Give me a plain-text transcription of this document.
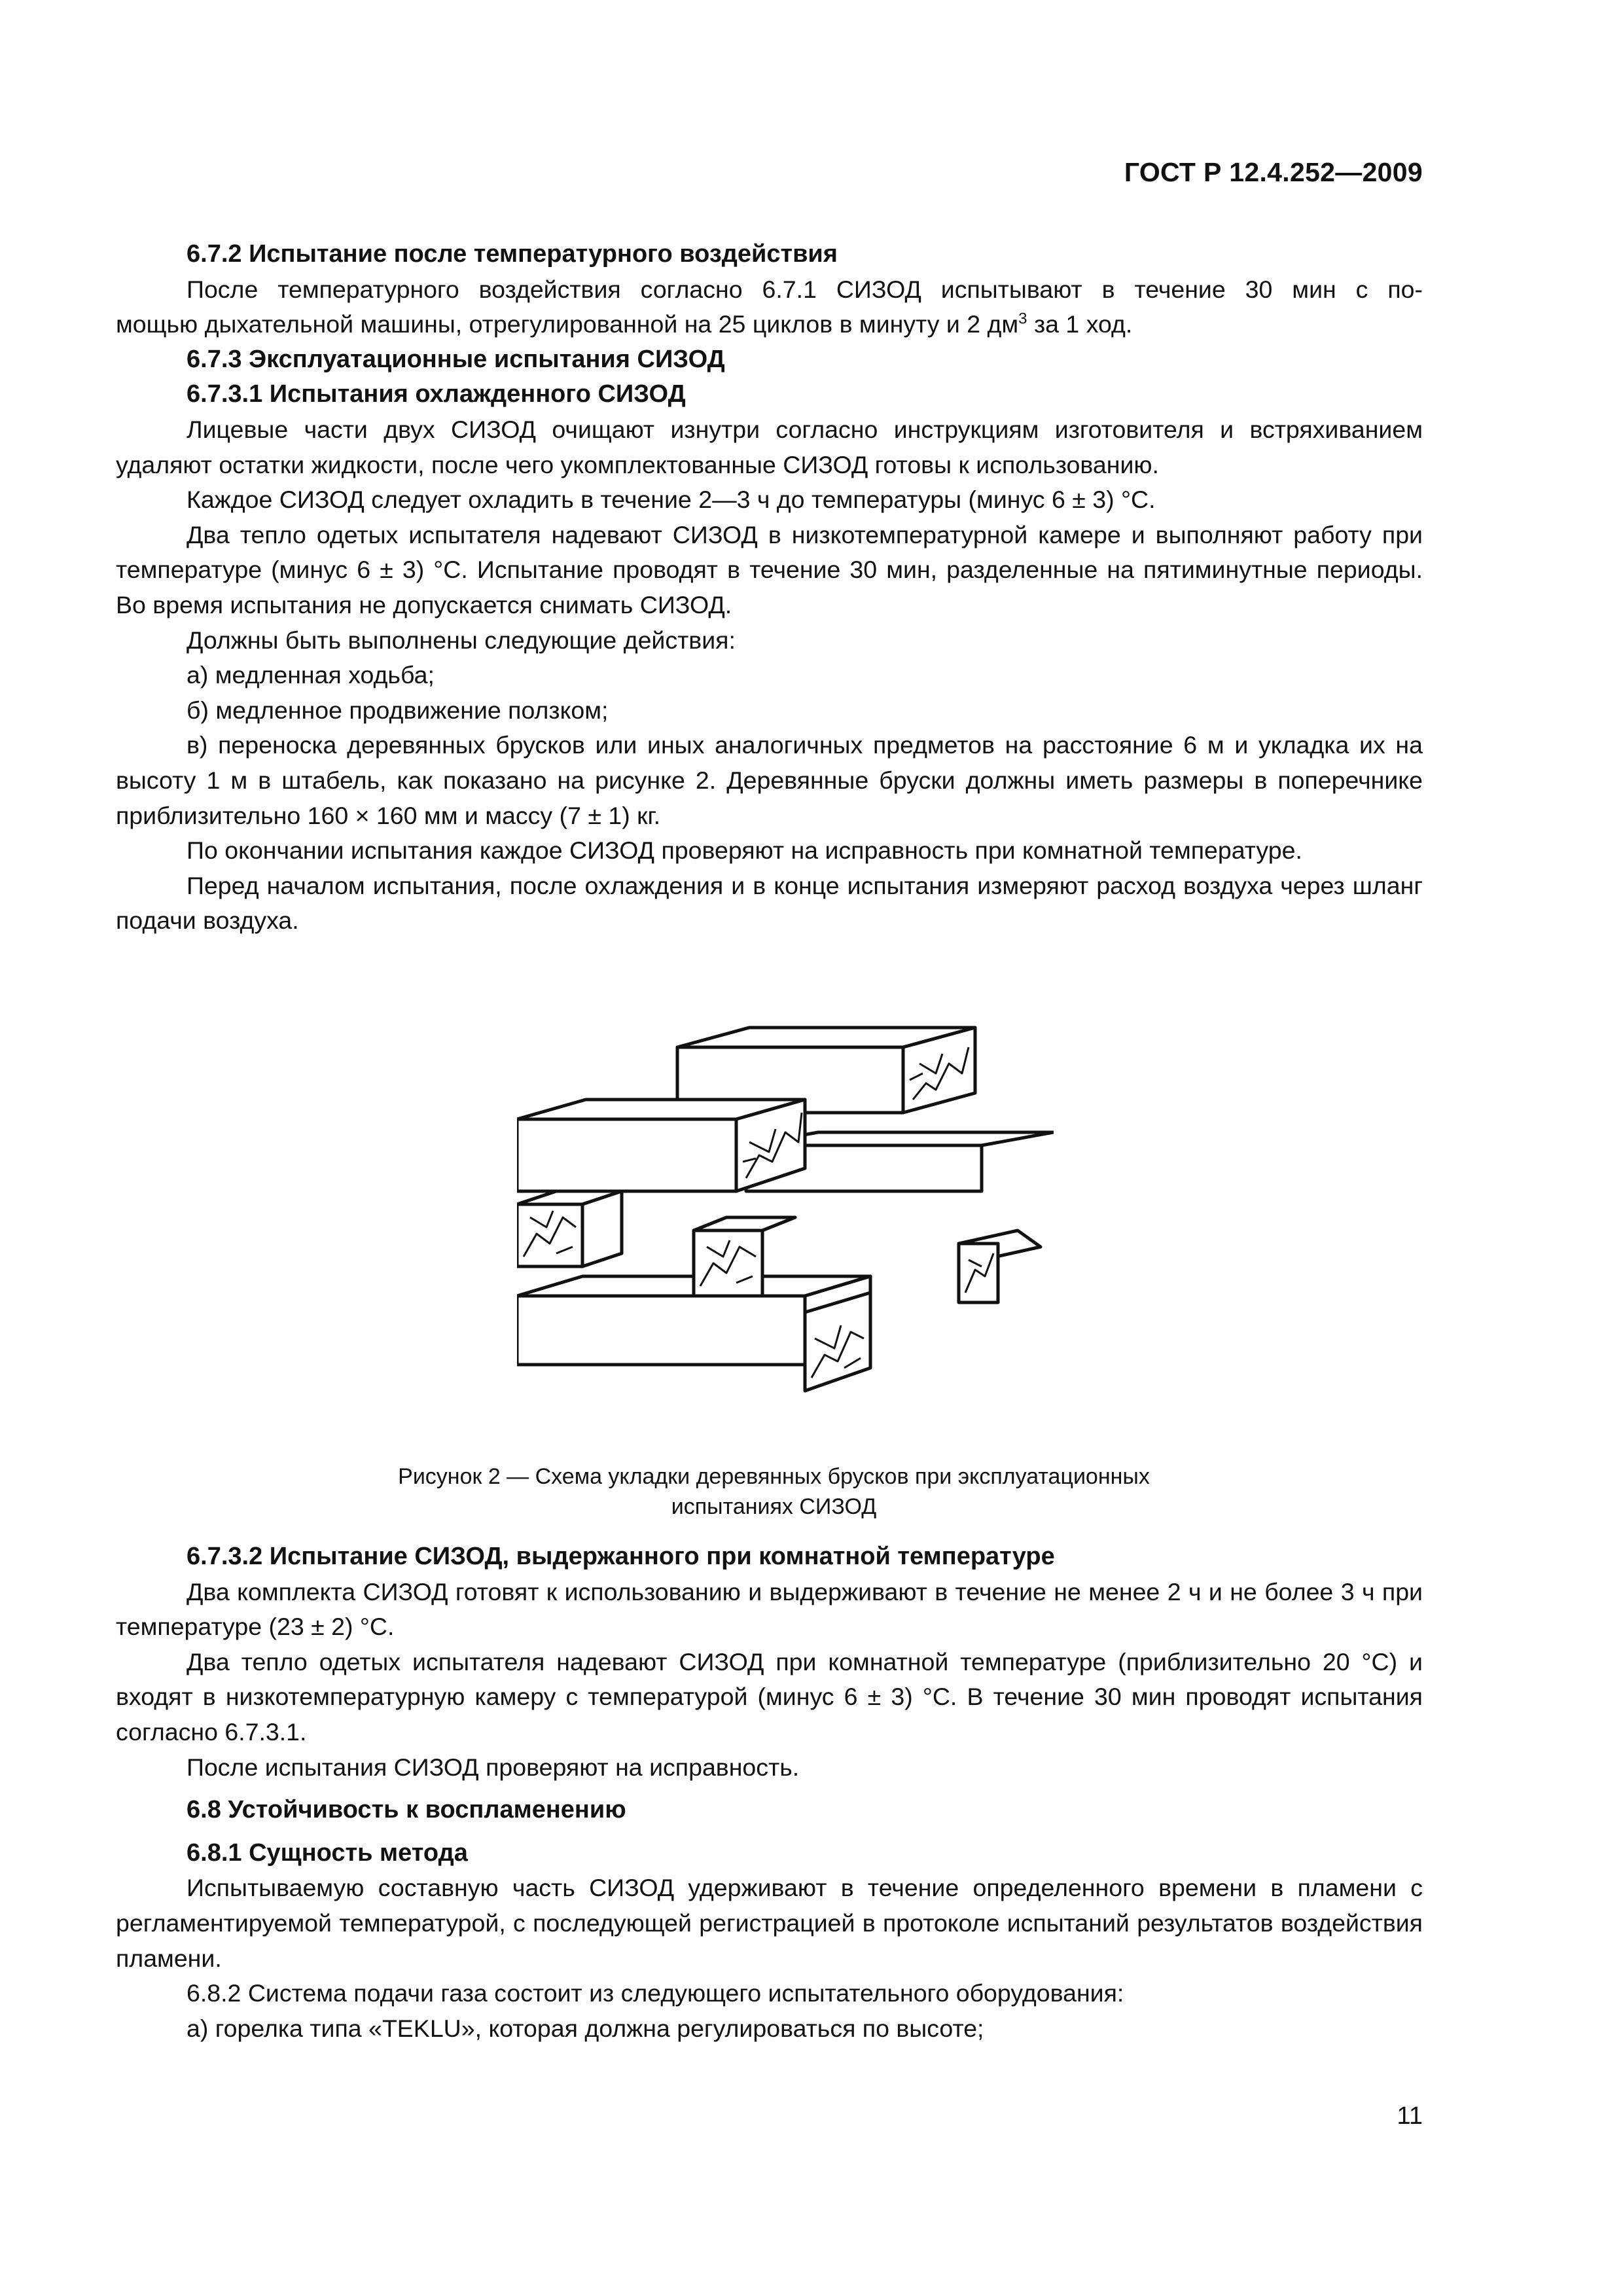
ГОСТ Р 12.4.252—2009

6.7.2 Испытание после температурного воздействия

После температурного воздействия согласно 6.7.1 СИЗОД испытывают в течение 30 мин с по-

мощью дыхательной машины, отрегулированной на 25 циклов в минуту и 2 $дм^3$ за 1 ход.

6.7.3 Эксплуатационные испытания СИЗОД

6.7.3.1 Испытания охлажденного СИЗОД

Лицевые части двух СИЗОД очищают изнутри согласно инструкциям изготовителя и встряхиванием удаляют остатки жидкости, после чего укомплектованные СИЗОД готовы к использованию.

Каждое СИЗОД следует охладить в течение 2—3 ч до температуры (минус 6 ± 3) °С.

Два тепло одетых испытателя надевают СИЗОД в низкотемпературной камере и выполняют работу при температуре (минус 6 ± 3) °С. Испытание проводят в течение 30 мин, разделенные на пятиминутные периоды. Во время испытания не допускается снимать СИЗОД.

Должны быть выполнены следующие действия:

а) медленная ходьба;

б) медленное продвижение ползком;

в) переноска деревянных брусков или иных аналогичных предметов на расстояние 6 м и укладка их на высоту 1 м в штабель, как показано на рисунке 2. Деревянные бруски должны иметь размеры в поперечнике приблизительно 160 × 160 мм и массу (7 ± 1) кг.

По окончании испытания каждое СИЗОД проверяют на исправность при комнатной температуре.

Перед началом испытания, после охлаждения и в конце испытания измеряют расход воздуха через шланг подачи воздуха.

Рисунок 2 — Схема укладки деревянных брусков при эксплуатационных
испытаниях СИЗОД

6.7.3.2 Испытание СИЗОД, выдержанного при комнатной температуре

Два комплекта СИЗОД готовят к использованию и выдерживают в течение не менее 2 ч и не более 3 ч при температуре (23 ± 2) °С.

Два тепло одетых испытателя надевают СИЗОД при комнатной температуре (приблизительно 20 °С) и входят в низкотемпературную камеру с температурой (минус 6 ± 3) °С. В течение 30 мин проводят испытания согласно 6.7.3.1.

После испытания СИЗОД проверяют на исправность.

6.8 Устойчивость к воспламенению

6.8.1 Сущность метода

Испытываемую составную часть СИЗОД удерживают в течение определенного времени в пламени с регламентируемой температурой, с последующей регистрацией в протоколе испытаний результатов воздействия пламени.

6.8.2 Система подачи газа состоит из следующего испытательного оборудования:

а) горелка типа «TEKLU», которая должна регулироваться по высоте;

11
